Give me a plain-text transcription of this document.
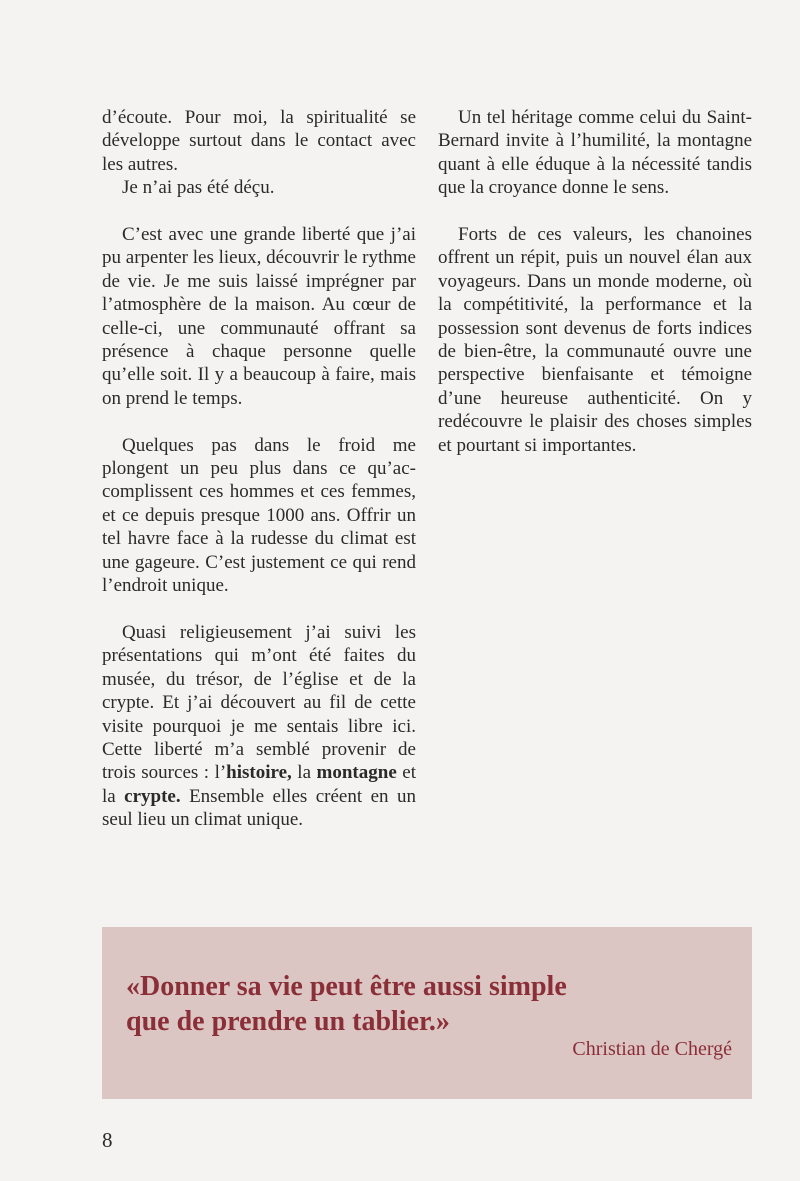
d’écoute. Pour moi, la spiritualité se développe surtout dans le contact avec les autres.

Je n’ai pas été déçu.

C’est avec une grande liberté que j’ai pu arpenter les lieux, découvrir le rythme de vie. Je me suis laissé imprégner par l’atmosphère de la maison. Au cœur de celle-ci, une communauté offrant sa présence à chaque personne quelle qu’elle soit. Il y a beaucoup à faire, mais on prend le temps.

Quelques pas dans le froid me plongent un peu plus dans ce qu’accomplissent ces hommes et ces femmes, et ce depuis presque 1000 ans. Offrir un tel havre face à la rudesse du climat est une gageure. C’est justement ce qui rend l’endroit unique.

Quasi religieusement j’ai suivi les présentations qui m’ont été faites du musée, du trésor, de l’église et de la crypte. Et j’ai découvert au fil de cette visite pourquoi je me sentais libre ici. Cette liberté m’a semblé provenir de trois sources : l’histoire, la montagne et la crypte. Ensemble elles créent en un seul lieu un climat unique.

Un tel héritage comme celui du Saint-Bernard invite à l’humilité, la montagne quant à elle éduque à la nécessité tandis que la croyance donne le sens.

Forts de ces valeurs, les chanoines offrent un répit, puis un nouvel élan aux voyageurs. Dans un monde moderne, où la compétitivité, la performance et la possession sont devenus de forts indices de bien-être, la communauté ouvre une perspective bienfaisante et témoigne d’une heureuse authenticité. On y redécouvre le plaisir des choses simples et pourtant si importantes.

«Donner sa vie peut être aussi simple

que de prendre un tablier.»

Christian de Chergé
8
